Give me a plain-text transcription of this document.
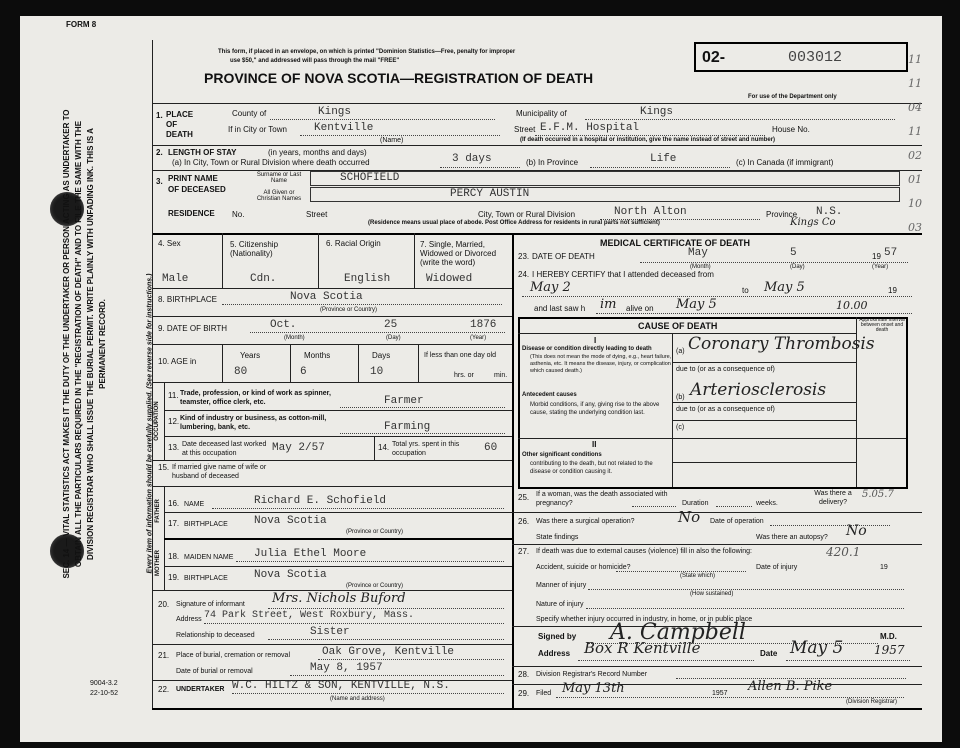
FORM 8
SEC. 14 — VITAL STATISTICS ACT MAKES IT THE DUTY OF THE UNDERTAKER OR PERSON ACTING AS UNDERTAKER TO OBTAIN ALL THE PARTICULARS REQUIRED IN THE "REGISTRATION OF DEATH" AND TO FILE THE SAME WITH THE DIVISION REGISTRAR WHO SHALL ISSUE THE BURIAL PERMIT. WRITE PLAINLY WITH UNFADING INK. THIS IS A PERMANENT RECORD.	Every item of information should be carefully supplied. (See reverse side for instructions.)
9004-3.2
22-10-52
This form, if placed in an envelope, on which is printed "Dominion Statistics—Free, penalty for improper
use $50," and addressed will pass through the mail "FREE"
PROVINCE OF NOVA SCOTIA—REGISTRATION OF DEATH
02-	003012
For use of the Department only
1. PLACE OF DEATH
County of	Kings	Municipality of	Kings
If in City or Town Kentville
(Name)
Street E.F.M. Hospital	House No.
(If death occurred in a hospital or institution, give the name instead of street and number)
2. LENGTH OF STAY	(in years, months and days)
(a) In City, Town or Rural Division where death occurred	3 days	(b) In Province	Life	(c) In Canada (if immigrant)
3. PRINT NAME
OF DECEASED
Surname or Last Name
All Given or Christian Names
SCHOFIELD
PERCY AUSTIN
RESIDENCE No.	Street	City, Town or Rural Division	North Alton	Province N.S.
(Residence means usual place of abode. Post Office Address for residents in rural parts not sufficient)	Kings Co
4. Sex	5. Citizenship (Nationality)
6. Racial Origin	7. Single, Married, Widowed or Divorced (write the word)
Male	Cdn.	English	Widowed
8. BIRTHPLACE	Nova Scotia
(Province or Country)
9. DATE OF BIRTH	Oct.	25	1876
(Month)	(Day)	(Year)
10. AGE in
Years	Months	Days	If less than one day old
80	6	10	hrs. or	min.
OCCUPATION
11. Trade, profession, or kind of work as spinner, teamster, office clerk, etc.	Farmer
12. Kind of industry or business, as cotton-mill, lumbering, bank, etc.	Farming
13. Date deceased last worked at this occupation	May 2/57	14. Total yrs. spent in this occupation	60
15. If married give name of wife or husband of deceased
FATHER
MOTHER
16. NAME	Richard E. Schofield
17. BIRTHPLACE Nova Scotia
(Province or Country)
18. MAIDEN NAME Julia Ethel Moore
19. BIRTHPLACE Nova Scotia
(Province or Country)
20. Signature of informant Mrs. Nichols Buford
Address 74 Park Street, West Roxbury, Mass.
Relationship to deceased	Sister
21. Place of burial, cremation or removal	Oak Grove, Kentville
Date of burial or removal	May 8, 1957
22. UNDERTAKER W.C. HILTZ & SON, KENTVILLE, N.S.
(Name and address)
MEDICAL CERTIFICATE OF DEATH
23. DATE OF DEATH	May	5	19 57
(Month)	(Day)	(Year)
24. I HEREBY CERTIFY that I attended deceased from
May 2	May 5
to	19
and last saw h im alive on May 5	10.00
CAUSE OF DEATH
Approximate interval between onset and death
I
Disease or condition directly leading to death
(This does not mean the mode of dying, e.g., heart failure, asthenia, etc. It means the disease, injury, or complication which caused death.)
(a) Coronary Thrombosis
due to (or as a consequence of)
Antecedent causes
Morbid conditions, if any, giving rise to the above cause, stating the underlying condition last.
(b) Arteriosclerosis
due to (or as a consequence of)
(c)
II
Other significant conditions
contributing to the death, but not related to the disease or condition causing it.
25. If a woman, was the death associated with pregnancy?	Duration	weeks.
Was there a delivery?
5.05.7
26. Was there a surgical operation?	No Date of operation
State findings	Was there an autopsy? No
27. If death was due to external causes (violence) fill in also the following:	420.1
Accident, suicide or homicide?	Date of injury	19
(State which)
Manner of injury
(How sustained)
Nature of injury
Specify whether injury occurred in industry, in home, or in public place
Signed by A. Campbell	M.D.
Address Box R Kentville	Date May 5	1957
28. Division Registrar's Record Number
29. Filed May 13th	1957 Allen B. Pike
(Division Registrar)
11
11
04
11
02
01
10
03
